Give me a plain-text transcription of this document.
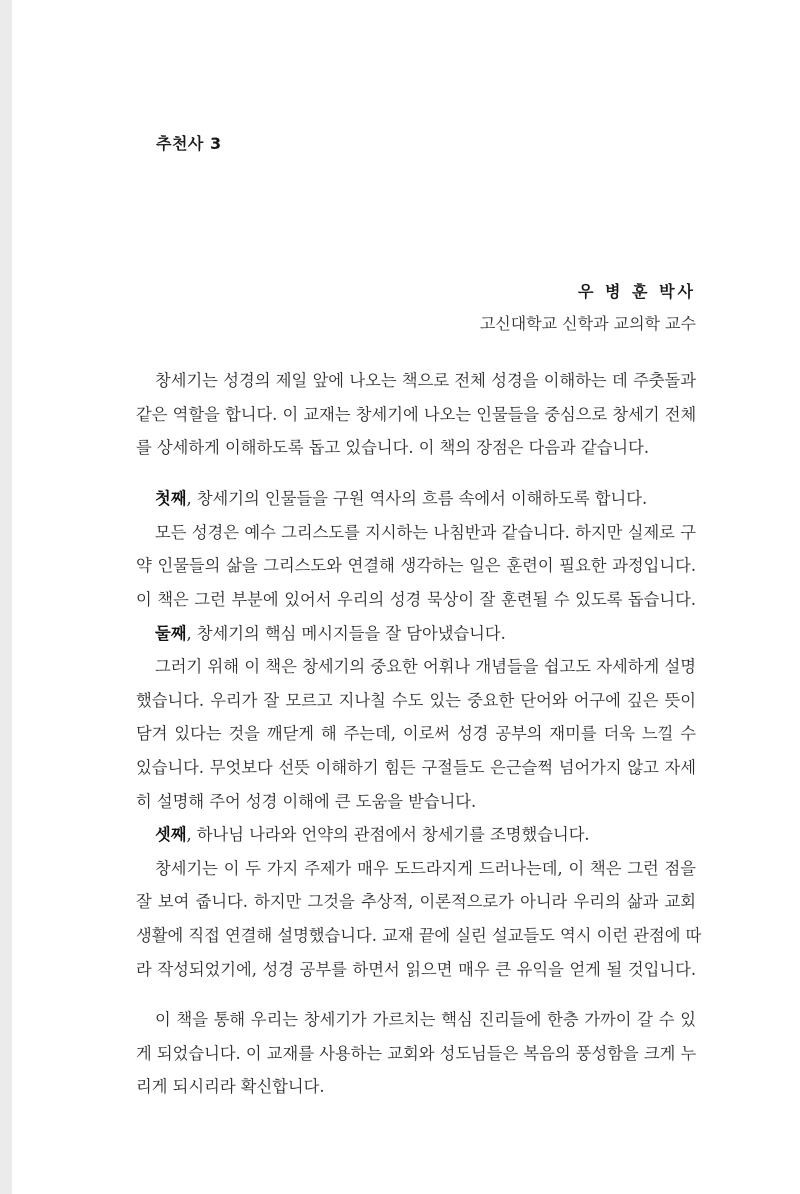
추천사 3
우 병 훈 박사
고신대학교 신학과 교의학 교수
창세기는 성경의 제일 앞에 나오는 책으로 전체 성경을 이해하는 데 주춧돌과
같은 역할을 합니다. 이 교재는 창세기에 나오는 인물들을 중심으로 창세기 전체
를 상세하게 이해하도록 돕고 있습니다. 이 책의 장점은 다음과 같습니다.
첫째, 창세기의 인물들을 구원 역사의 흐름 속에서 이해하도록 합니다.
모든 성경은 예수 그리스도를 지시하는 나침반과 같습니다. 하지만 실제로 구
약 인물들의 삶을 그리스도와 연결해 생각하는 일은 훈련이 필요한 과정입니다.
이 책은 그런 부분에 있어서 우리의 성경 묵상이 잘 훈련될 수 있도록 돕습니다.
둘째, 창세기의 핵심 메시지들을 잘 담아냈습니다.
그러기 위해 이 책은 창세기의 중요한 어휘나 개념들을 쉽고도 자세하게 설명
했습니다. 우리가 잘 모르고 지나칠 수도 있는 중요한 단어와 어구에 깊은 뜻이
담겨 있다는 것을 깨닫게 해 주는데, 이로써 성경 공부의 재미를 더욱 느낄 수
있습니다. 무엇보다 선뜻 이해하기 힘든 구절들도 은근슬쩍 넘어가지 않고 자세
히 설명해 주어 성경 이해에 큰 도움을 받습니다.
셋째, 하나님 나라와 언약의 관점에서 창세기를 조명했습니다.
창세기는 이 두 가지 주제가 매우 도드라지게 드러나는데, 이 책은 그런 점을
잘 보여 줍니다. 하지만 그것을 추상적, 이론적으로가 아니라 우리의 삶과 교회
생활에 직접 연결해 설명했습니다. 교재 끝에 실린 설교들도 역시 이런 관점에 따
라 작성되었기에, 성경 공부를 하면서 읽으면 매우 큰 유익을 얻게 될 것입니다.
이 책을 통해 우리는 창세기가 가르치는 핵심 진리들에 한층 가까이 갈 수 있
게 되었습니다. 이 교재를 사용하는 교회와 성도님들은 복음의 풍성함을 크게 누
리게 되시리라 확신합니다.
